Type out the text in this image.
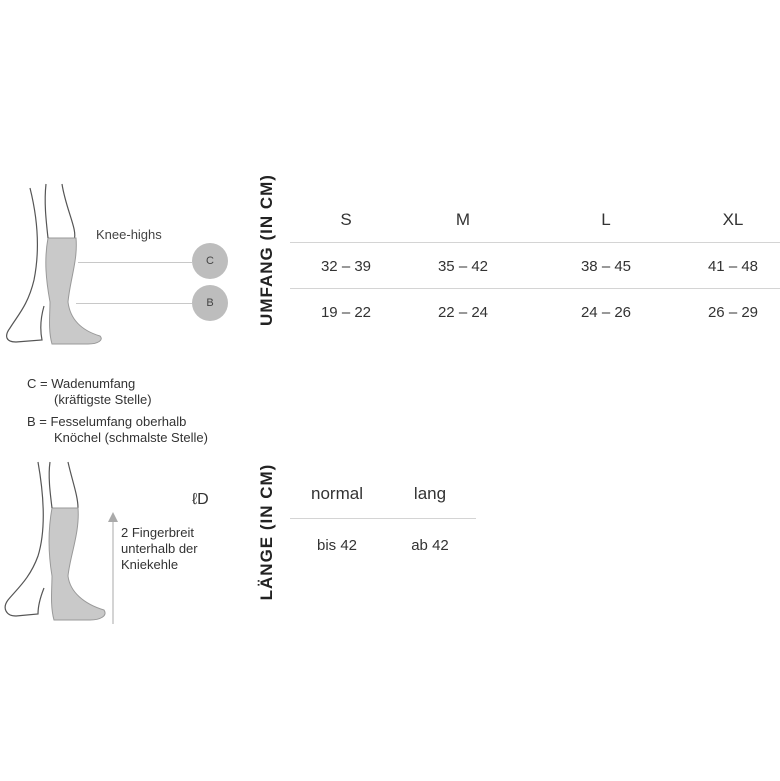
Knee-highs
C
B
C = Wadenumfang
(kräftigste Stelle)
B = Fesselumfang oberhalb
Knöchel (schmalste Stelle)
ℓD
2 Fingerbreit
unterhalb der
Kniekehle
UMFANG (IN CM)	S	M	L	XL
32 – 39	35 – 42	38 – 45	41 – 48
19 – 22	22 – 24	24 – 26	26 – 29
LÄNGE (IN CM)	normal	lang
bis 42	ab 42
